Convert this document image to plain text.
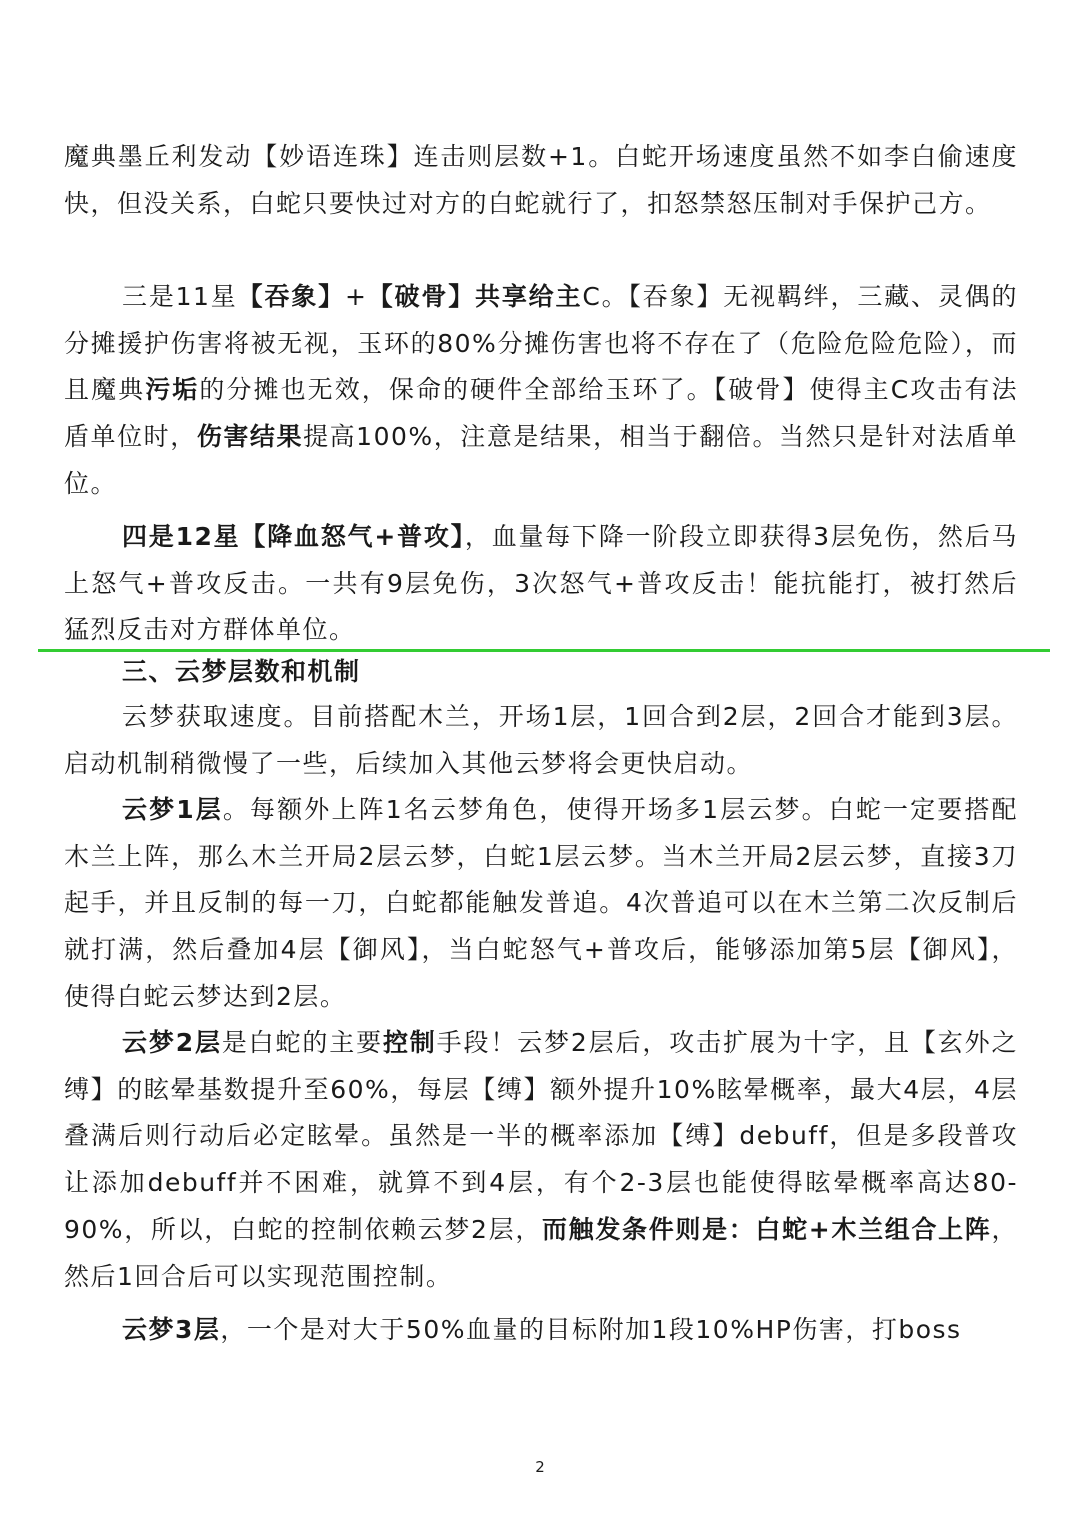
魔典墨丘利发动【妙语连珠】连击则层数+1。白蛇开场速度虽然不如李白偷速度快，但没关系，白蛇只要快过对方的白蛇就行了，扣怒禁怒压制对手保护己方。

三是11星【吞象】+【破骨】共享给主C。【吞象】无视羁绊，三藏、灵偶的分摊援护伤害将被无视，玉环的80%分摊伤害也将不存在了（危险危险危险），而且魔典污垢的分摊也无效，保命的硬件全部给玉环了。【破骨】使得主C攻击有法盾单位时，伤害结果提高100%，注意是结果，相当于翻倍。当然只是针对法盾单位。

四是12星【降血怒气+普攻】，血量每下降一阶段立即获得3层免伤，然后马上怒气+普攻反击。一共有9层免伤，3次怒气+普攻反击！能抗能打，被打然后猛烈反击对方群体单位。

三、云梦层数和机制

云梦获取速度。目前搭配木兰，开场1层，1回合到2层，2回合才能到3层。启动机制稍微慢了一些，后续加入其他云梦将会更快启动。

云梦1层。每额外上阵1名云梦角色，使得开场多1层云梦。白蛇一定要搭配木兰上阵，那么木兰开局2层云梦，白蛇1层云梦。当木兰开局2层云梦，直接3刀起手，并且反制的每一刀，白蛇都能触发普追。4次普追可以在木兰第二次反制后就打满，然后叠加4层【御风】，当白蛇怒气+普攻后，能够添加第5层【御风】，使得白蛇云梦达到2层。

云梦2层是白蛇的主要控制手段！云梦2层后，攻击扩展为十字，且【玄外之缚】的眩晕基数提升至60%，每层【缚】额外提升10%眩晕概率，最大4层，4层叠满后则行动后必定眩晕。虽然是一半的概率添加【缚】debuff，但是多段普攻让添加debuff并不困难，就算不到4层，有个2-3层也能使得眩晕概率高达80-90%，所以，白蛇的控制依赖云梦2层，而触发条件则是：白蛇+木兰组合上阵，然后1回合后可以实现范围控制。

云梦3层，一个是对大于50%血量的目标附加1段10%HP伤害，打boss

2
